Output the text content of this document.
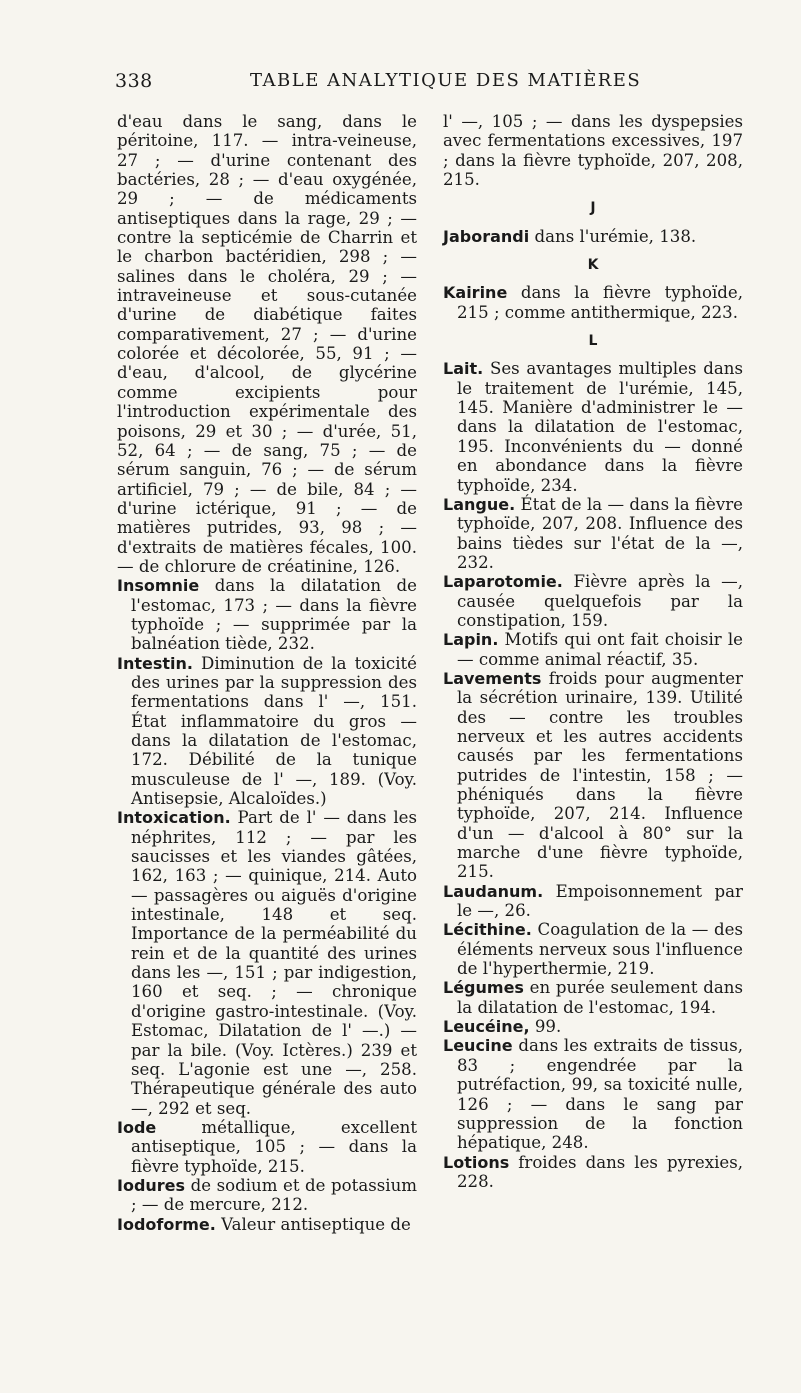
338	TABLE ANALYTIQUE DES MATIÈRES

d'eau dans le sang, dans le péritoine, 117. — intra-veineuse, 27 ; — d'urine contenant des bactéries, 28 ; — d'eau oxygénée, 29 ; — de médicaments antiseptiques dans la rage, 29 ; — contre la septicémie de Charrin et le charbon bactéridien, 298 ; — salines dans le choléra, 29 ; — intraveineuse et sous-cutanée d'urine de diabétique faites comparativement, 27 ; — d'urine colorée et décolorée, 55, 91 ; — d'eau, d'alcool, de glycérine comme excipients pour l'introduction expérimentale des poisons, 29 et 30 ; — d'urée, 51, 52, 64 ; — de sang, 75 ; — de sérum sanguin, 76 ; — de sérum artificiel, 79 ; — de bile, 84 ; — d'urine ictérique, 91 ; — de matières putrides, 93, 98 ; — d'extraits de matières fécales, 100. — de chlorure de créatinine, 126.

Insomnie dans la dilatation de l'estomac, 173 ; — dans la fièvre typhoïde ; — supprimée par la balnéation tiède, 232.

Intestin. Diminution de la toxicité des urines par la suppression des fermentations dans l' —, 151. État inflammatoire du gros — dans la dilatation de l'estomac, 172. Débilité de la tunique musculeuse de l' —, 189. (Voy. Antisepsie, Alcaloïdes.)

Intoxication. Part de l' — dans les néphrites, 112 ; — par les saucisses et les viandes gâtées, 162, 163 ; — quinique, 214. Auto — passagères ou aiguës d'origine intestinale, 148 et seq. Importance de la perméabilité du rein et de la quantité des urines dans les —, 151 ; par indigestion, 160 et seq. ; — chronique d'origine gastro-intestinale. (Voy. Estomac, Dilatation de l' —.) — par la bile. (Voy. Ictères.) 239 et seq. L'agonie est une —, 258. Thérapeutique générale des auto —, 292 et seq.

Iode métallique, excellent antiseptique, 105 ; — dans la fièvre typhoïde, 215.

Iodures de sodium et de potassium ; — de mercure, 212.

Iodoforme. Valeur antiseptique de

l' —, 105 ; — dans les dyspepsies avec fermentations excessives, 197 ; dans la fièvre typhoïde, 207, 208, 215.

J

Jaborandi dans l'urémie, 138.

K

Kairine dans la fièvre typhoïde, 215 ; comme antithermique, 223.

L

Lait. Ses avantages multiples dans le traitement de l'urémie, 145, 145. Manière d'administrer le — dans la dilatation de l'estomac, 195. Inconvénients du — donné en abondance dans la fièvre typhoïde, 234.

Langue. État de la — dans la fièvre typhoïde, 207, 208. Influence des bains tièdes sur l'état de la —, 232.

Laparotomie. Fièvre après la —, causée quelquefois par la constipation, 159.

Lapin. Motifs qui ont fait choisir le — comme animal réactif, 35.

Lavements froids pour augmenter la sécrétion urinaire, 139. Utilité des — contre les troubles nerveux et les autres accidents causés par les fermentations putrides de l'intestin, 158 ; — phéniqués dans la fièvre typhoïde, 207, 214. Influence d'un — d'alcool à 80° sur la marche d'une fièvre typhoïde, 215.

Laudanum. Empoisonnement par le —, 26.

Lécithine. Coagulation de la — des éléments nerveux sous l'influence de l'hyperthermie, 219.

Légumes en purée seulement dans la dilatation de l'estomac, 194.

Leucéine, 99.

Leucine dans les extraits de tissus, 83 ; engendrée par la putréfaction, 99, sa toxicité nulle, 126 ; — dans le sang par suppression de la fonction hépatique, 248.

Lotions froides dans les pyrexies, 228.
